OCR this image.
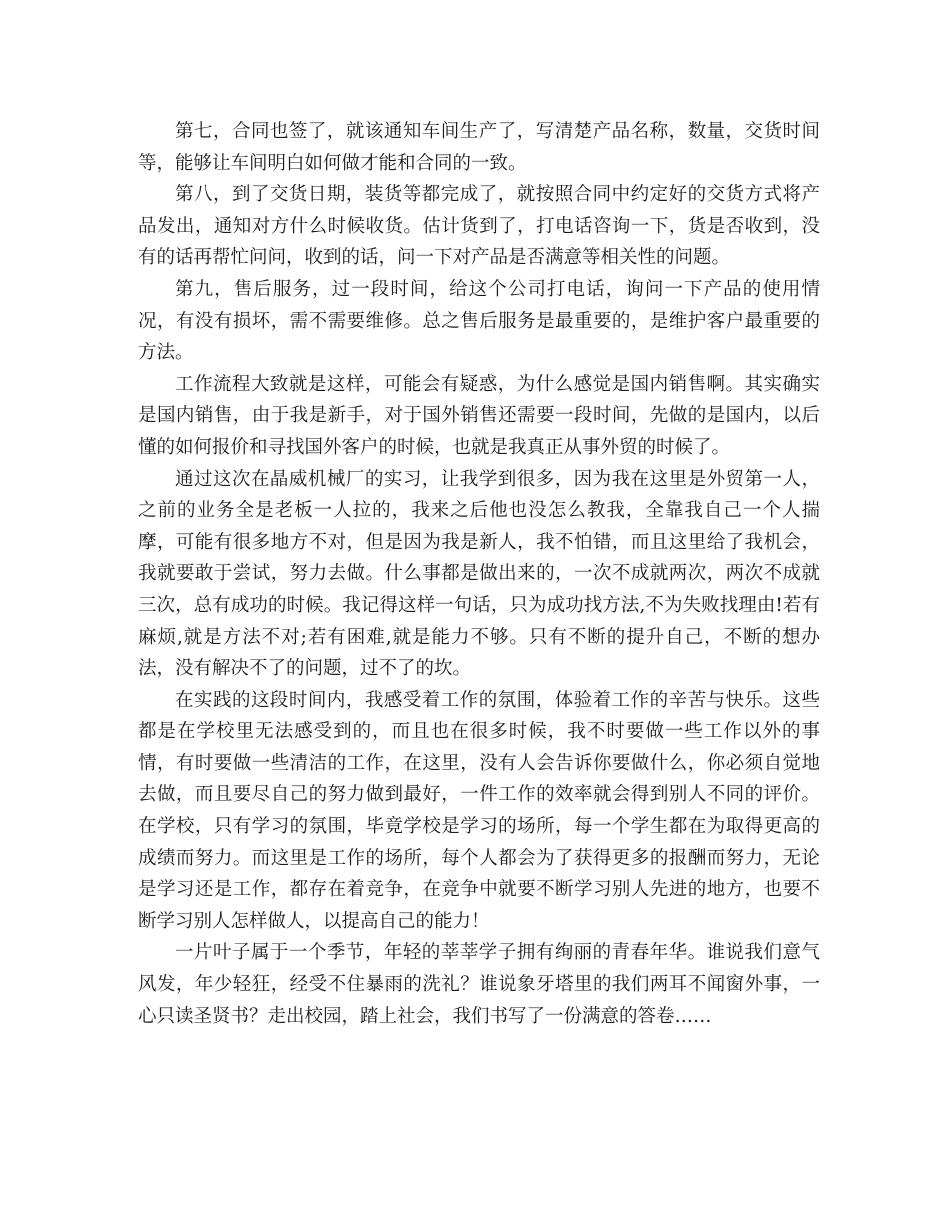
第七，合同也签了，就该通知车间生产了，写清楚产品名称，数量，交货时间等，能够让车间明白如何做才能和合同的一致。

第八，到了交货日期，装货等都完成了，就按照合同中约定好的交货方式将产品发出，通知对方什么时候收货。估计货到了，打电话咨询一下，货是否收到，没有的话再帮忙问问，收到的话，问一下对产品是否满意等相关性的问题。

第九，售后服务，过一段时间，给这个公司打电话，询问一下产品的使用情况，有没有损坏，需不需要维修。总之售后服务是最重要的，是维护客户最重要的方法。

工作流程大致就是这样，可能会有疑惑，为什么感觉是国内销售啊。其实确实是国内销售，由于我是新手，对于国外销售还需要一段时间，先做的是国内，以后懂的如何报价和寻找国外客户的时候，也就是我真正从事外贸的时候了。

通过这次在晶威机械厂的实习，让我学到很多，因为我在这里是外贸第一人，之前的业务全是老板一人拉的，我来之后他也没怎么教我，全靠我自己一个人揣摩，可能有很多地方不对，但是因为我是新人，我不怕错，而且这里给了我机会，我就要敢于尝试，努力去做。什么事都是做出来的，一次不成就两次，两次不成就三次，总有成功的时候。我记得这样一句话，只为成功找方法,不为失败找理由!若有麻烦,就是方法不对;若有困难,就是能力不够。只有不断的提升自己，不断的想办法，没有解决不了的问题，过不了的坎。

在实践的这段时间内，我感受着工作的氛围，体验着工作的辛苦与快乐。这些都是在学校里无法感受到的，而且也在很多时候，我不时要做一些工作以外的事情，有时要做一些清洁的工作，在这里，没有人会告诉你要做什么，你必须自觉地去做，而且要尽自己的努力做到最好，一件工作的效率就会得到别人不同的评价。在学校，只有学习的氛围，毕竟学校是学习的场所，每一个学生都在为取得更高的成绩而努力。而这里是工作的场所，每个人都会为了获得更多的报酬而努力，无论是学习还是工作，都存在着竞争，在竞争中就要不断学习别人先进的地方，也要不断学习别人怎样做人，以提高自己的能力！

一片叶子属于一个季节，年轻的莘莘学子拥有绚丽的青春年华。谁说我们意气风发，年少轻狂，经受不住暴雨的洗礼？谁说象牙塔里的我们两耳不闻窗外事，一心只读圣贤书？走出校园，踏上社会，我们书写了一份满意的答卷……
